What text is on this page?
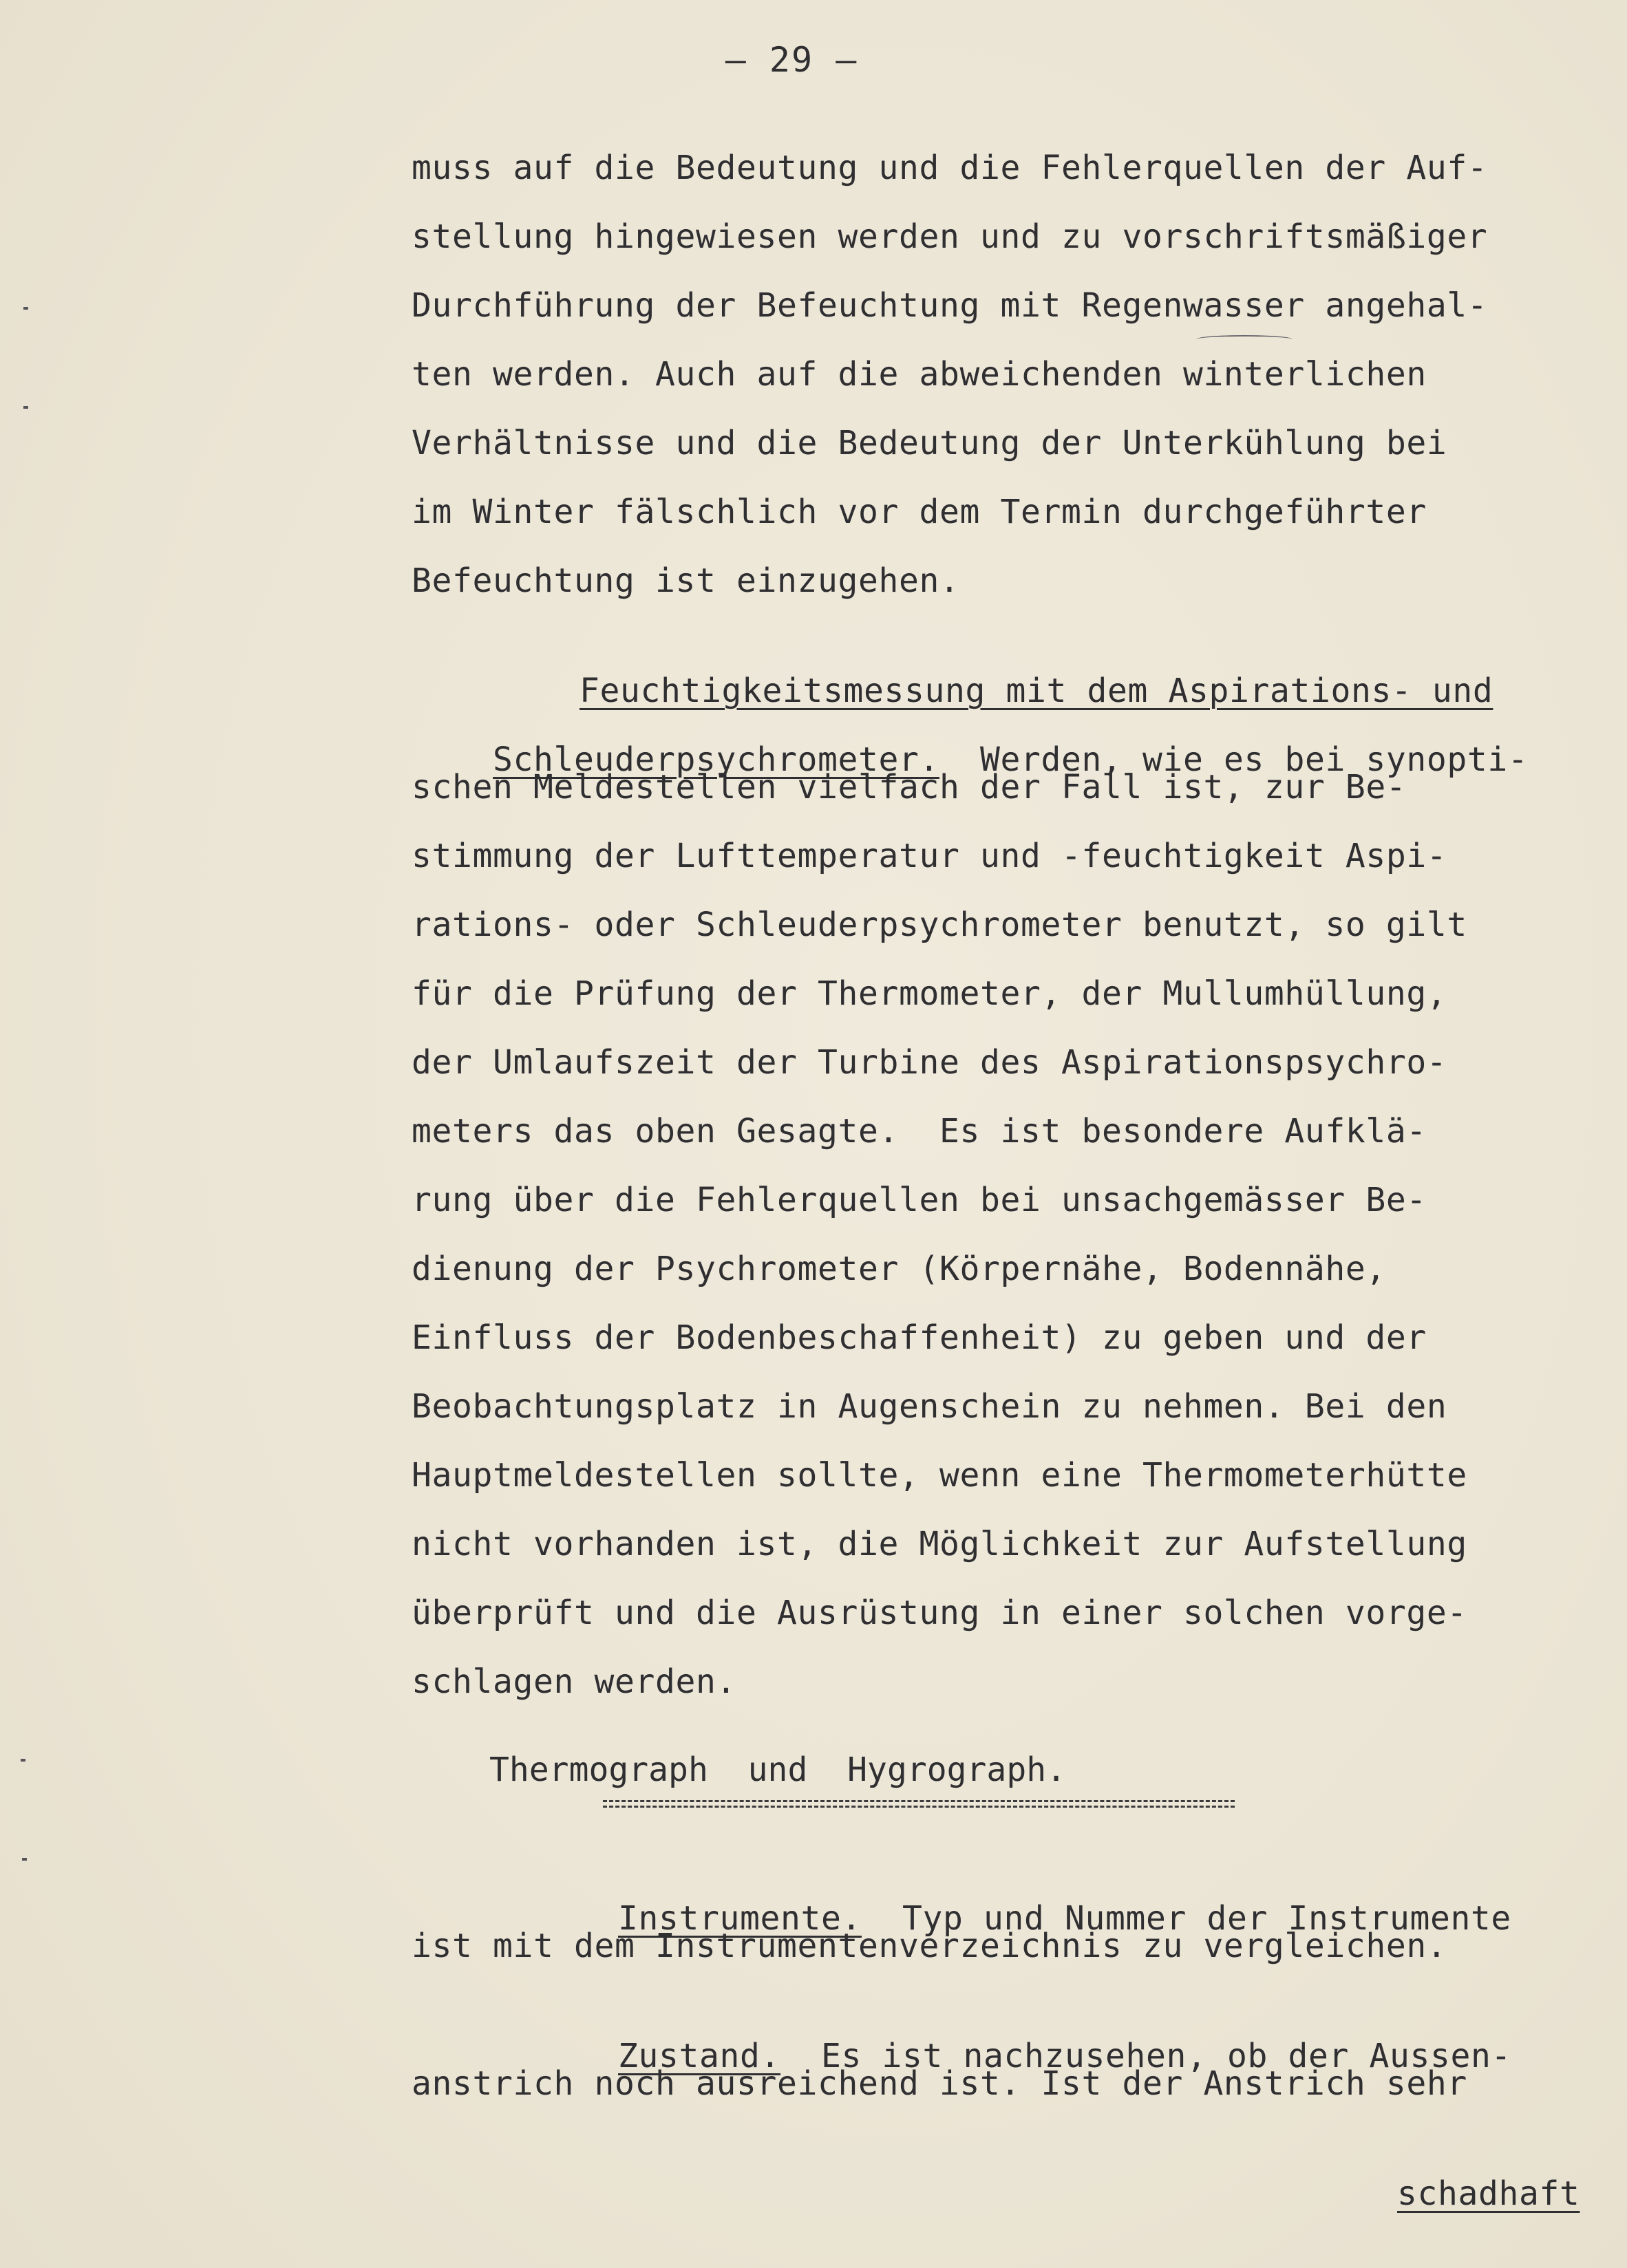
– 29 –
muss auf die Bedeutung und die Fehlerquellen der Auf-
stellung hingewiesen werden und zu vorschriftsmäßiger
Durchführung der Befeuchtung mit Regenwasser angehal-
ten werden. Auch auf die abweichenden winterlichen
Verhältnisse und die Bedeutung der Unterkühlung bei
im Winter fälschlich vor dem Termin durchgeführter
Befeuchtung ist einzugehen.

Feuchtigkeitsmessung mit dem Aspirations- und

Schleuderpsychrometer.  Werden, wie es bei synopti-

schen Meldestellen vielfach der Fall ist, zur Be-
stimmung der Lufttemperatur und -feuchtigkeit Aspi-
rations- oder Schleuderpsychrometer benutzt, so gilt
für die Prüfung der Thermometer, der Mullumhüllung,
der Umlaufszeit der Turbine des Aspirationspsychro-
meters das oben Gesagte.  Es ist besondere Aufklä-
rung über die Fehlerquellen bei unsachgemässer Be-
dienung der Psychrometer (Körpernähe, Bodennähe,
Einfluss der Bodenbeschaffenheit) zu geben und der
Beobachtungsplatz in Augenschein zu nehmen. Bei den
Hauptmeldestellen sollte, wenn eine Thermometerhütte
nicht vorhanden ist, die Möglichkeit zur Aufstellung
überprüft und die Ausrüstung in einer solchen vorge-
schlagen werden.
Thermograph  und  Hygrograph.

Instrumente.  Typ und Nummer der Instrumente

ist mit dem Instrumentenverzeichnis zu vergleichen.

Zustand.  Es ist nachzusehen, ob der Aussen-

anstrich noch ausreichend ist. Ist der Anstrich sehr

schadhaft
